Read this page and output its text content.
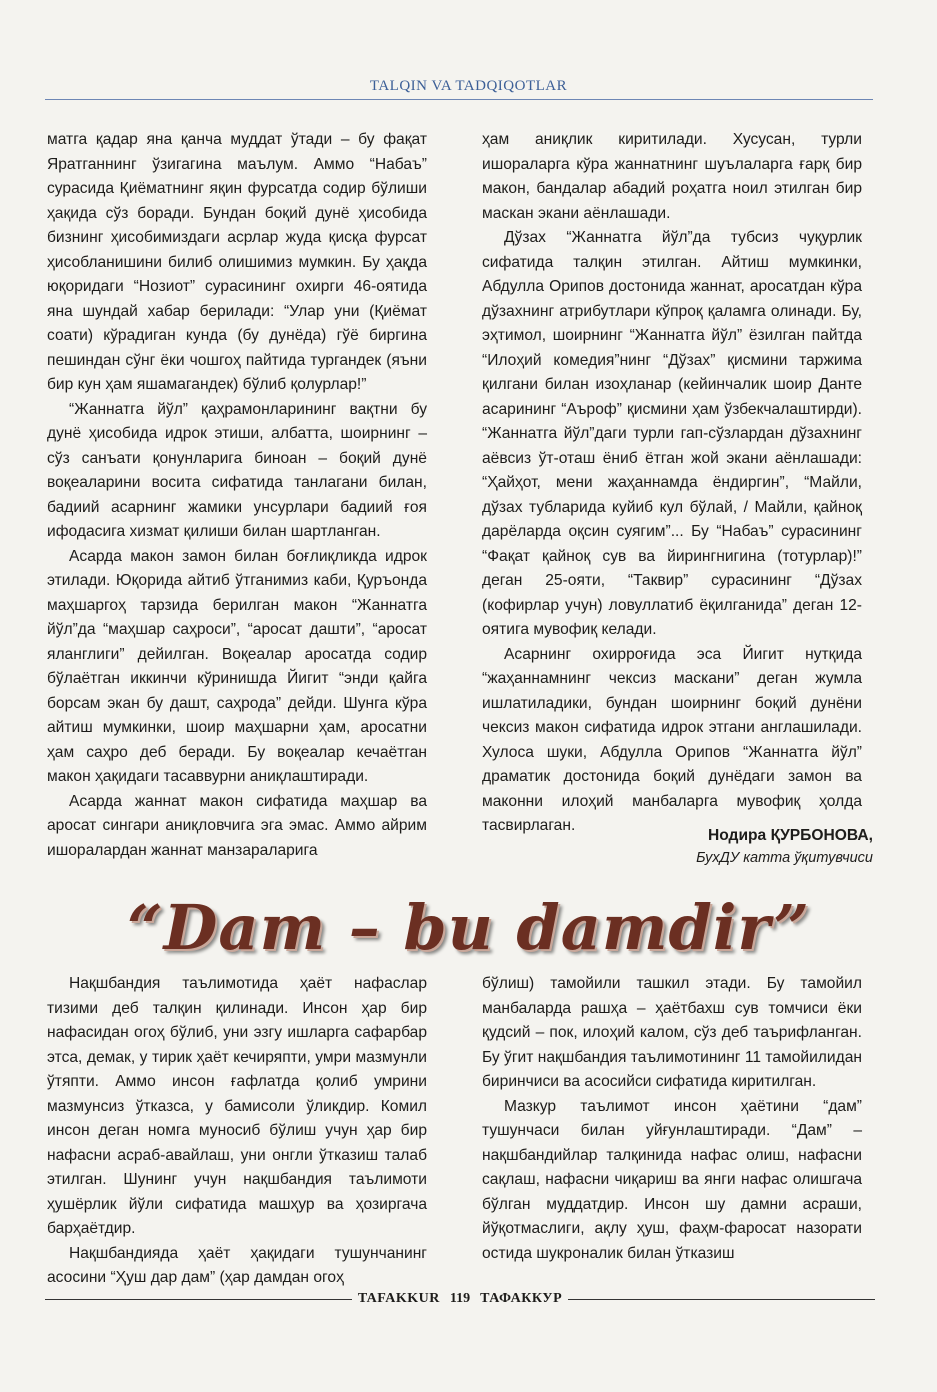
TALQIN VA TADQIQOTLAR

матга қадар яна қанча муддат ўтади – бу фақат Яратганнинг ўзигагина маълум. Аммо “Набаъ” сурасида Қиёматнинг яқин фурсатда содир бўлиши ҳақида сўз боради. Бундан боқий дунё ҳисобида бизнинг ҳисобимиздаги асрлар жуда қисқа фурсат ҳисобланишини билиб олишимиз мумкин. Бу ҳақда юқоридаги “Нозиот” сурасининг охирги 46-оятида яна шундай хабар берилади: “Улар уни (Қиёмат соати) кўрадиган кунда (бу дунёда) гўё биргина пешиндан сўнг ёки чошгоҳ пайтида тургандек (яъни бир кун ҳам яшамагандек) бўлиб қолурлар!”

“Жаннатга йўл” қаҳрамонларининг вақтни бу дунё ҳисобида идрок этиши, албатта, шоирнинг – сўз санъати қонунларига биноан – боқий дунё воқеаларини восита сифатида танлагани билан, бадиий асарнинг жамики унсурлари бадиий ғоя ифодасига хизмат қилиши билан шартланган.

Асарда макон замон билан боғлиқликда идрок этилади. Юқорида айтиб ўтганимиз каби, Қуръонда маҳшаргоҳ тарзида берилган макон “Жаннатга йўл”да “маҳшар саҳроси”, “аросат дашти”, “аросат яланглиги” дейилган. Воқеалар аросатда содир бўлаётган иккинчи кўринишда Йигит “энди қайга борсам экан бу дашт, саҳрода” дейди. Шунга кўра айтиш мумкинки, шоир маҳшарни ҳам, аросатни ҳам саҳро деб беради. Бу воқеалар кечаётган макон ҳақидаги тасаввурни аниқлаштиради.

Асарда жаннат макон сифатида маҳшар ва аросат сингари аниқловчига эга эмас. Аммо айрим ишоралардан жаннат манзараларига

ҳам аниқлик киритилади. Хусусан, турли ишораларга кўра жаннатнинг шуълаларга ғарқ бир макон, бандалар абадий роҳатга ноил этилган бир маскан экани аёнлашади.

Дўзах “Жаннатга йўл”да тубсиз чуқурлик сифатида талқин этилган. Айтиш мумкинки, Абдулла Орипов достонида жаннат, аросатдан кўра дўзахнинг атрибутлари кўпроқ қаламга олинади. Бу, эҳтимол, шоирнинг “Жаннатга йўл” ёзилган пайтда “Илоҳий комедия”нинг “Дўзах” қисмини таржима қилгани билан изоҳланар (кейинчалик шоир Данте асарининг “Аъроф” қисмини ҳам ўзбекчалаштирди). “Жаннатга йўл”даги турли гап-сўзлардан дўзахнинг аёвсиз ўт-оташ ёниб ётган жой экани аёнлашади: “Ҳайҳот, мени жаҳаннамда ёндиргин”, “Майли, дўзах тубларида куйиб кул бўлай, / Майли, қайноқ дарёларда оқсин суягим”... Бу “Набаъ” сурасининг “Фақат қайноқ сув ва йирингнигина (тотурлар)!” деган 25-ояти, “Таквир” сурасининг “Дўзах (кофирлар учун) ловуллатиб ёқилганида” деган 12-оятига мувофиқ келади.

Асарнинг охирроғида эса Йигит нутқида “жаҳаннамнинг чексиз маскани” деган жумла ишлатиладики, бундан шоирнинг боқий дунёни чексиз макон сифатида идрок этгани англашилади. Хулоса шуки, Абдулла Орипов “Жаннатга йўл” драматик достонида боқий дунёдаги замон ва маконни илоҳий манбаларга мувофиқ ҳолда тасвирлаган.

Нодира ҚУРБОНОВА,
БухДУ катта ўқитувчиси
“Dam – bu damdir”

Нақшбандия таълимотида ҳаёт нафаслар тизими деб талқин қилинади. Инсон ҳар бир нафасидан огоҳ бўлиб, уни эзгу ишларга сафарбар этса, демак, у тирик ҳаёт кечиряпти, умри мазмунли ўтяпти. Аммо инсон ғафлатда қолиб умрини мазмунсиз ўтказса, у бамисоли ўликдир. Комил инсон деган номга муносиб бўлиш учун ҳар бир нафасни асраб-авайлаш, уни онгли ўтказиш талаб этилган. Шунинг учун нақшбандия таълимоти ҳушёрлик йўли сифатида машҳур ва ҳозиргача барҳаётдир.

Нақшбандияда ҳаёт ҳақидаги тушунчанинг асосини “Ҳуш дар дам” (ҳар дамдан огоҳ

бўлиш) тамойили ташкил этади. Бу тамойил манбаларда рашҳа – ҳаётбахш сув томчиси ёки қудсий – пок, илоҳий калом, сўз деб таърифланган. Бу ўгит нақшбандия таълимотининг 11 тамойилидан биринчиси ва асосийси сифатида киритилган.

Мазкур таълимот инсон ҳаётини “дам” тушунчаси билан уйғунлаштиради. “Дам” – нақшбандийлар талқинида нафас олиш, нафасни сақлаш, нафасни чиқариш ва янги нафас олишгача бўлган муддатдир. Инсон шу дамни асраши, йўқотмаслиги, ақлу ҳуш, фаҳм-фаросат назорати остида шукроналик билан ўтказиш

TAFAKKUR 119 ТАФАККУР
